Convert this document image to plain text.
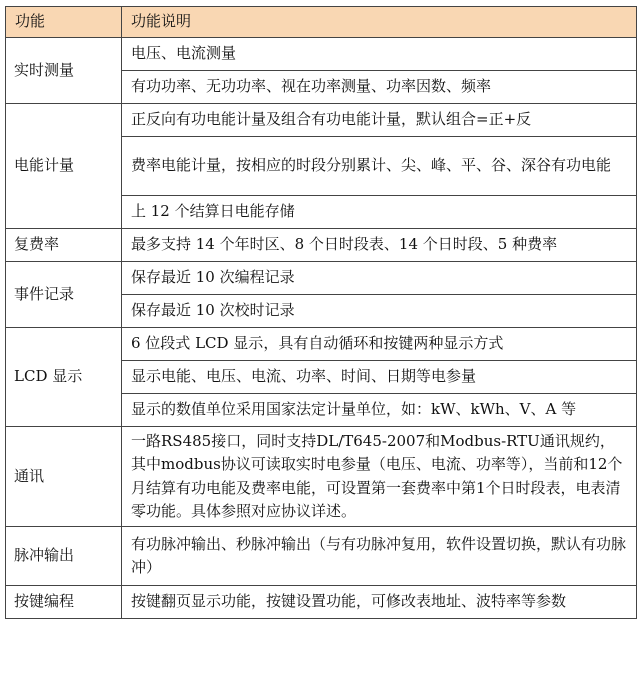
功能	功能说明
实时测量	电压、电流测量
	有功功率、无功功率、视在功率测量、功率因数、频率
电能计量	正反向有功电能计量及组合有功电能计量，默认组合=正+反
	费率电能计量，按相应的时段分别累计、尖、峰、平、谷、深谷有功电能
	上 12 个结算日电能存储
复费率	最多支持 14 个年时区、8 个日时段表、14 个日时段、5 种费率
事件记录	保存最近 10 次编程记录
	保存最近 10 次校时记录
LCD 显示	6 位段式 LCD 显示，具有自动循环和按键两种显示方式
	显示电能、电压、电流、功率、时间、日期等电参量
	显示的数值单位采用国家法定计量单位，如：kW、kWh、V、A 等
通讯	一路RS485接口，同时支持DL/T645-2007和Modbus-RTU通讯规约，其中modbus协议可读取实时电参量（电压、电流、功率等），当前和12个月结算有功电能及费率电能，可设置第一套费率中第1个日时段表，电表清零功能。具体参照对应协议详述。
脉冲输出	有功脉冲输出、秒脉冲输出（与有功脉冲复用，软件设置切换，默认有功脉冲）
按键编程	按键翻页显示功能，按键设置功能，可修改表地址、波特率等参数
